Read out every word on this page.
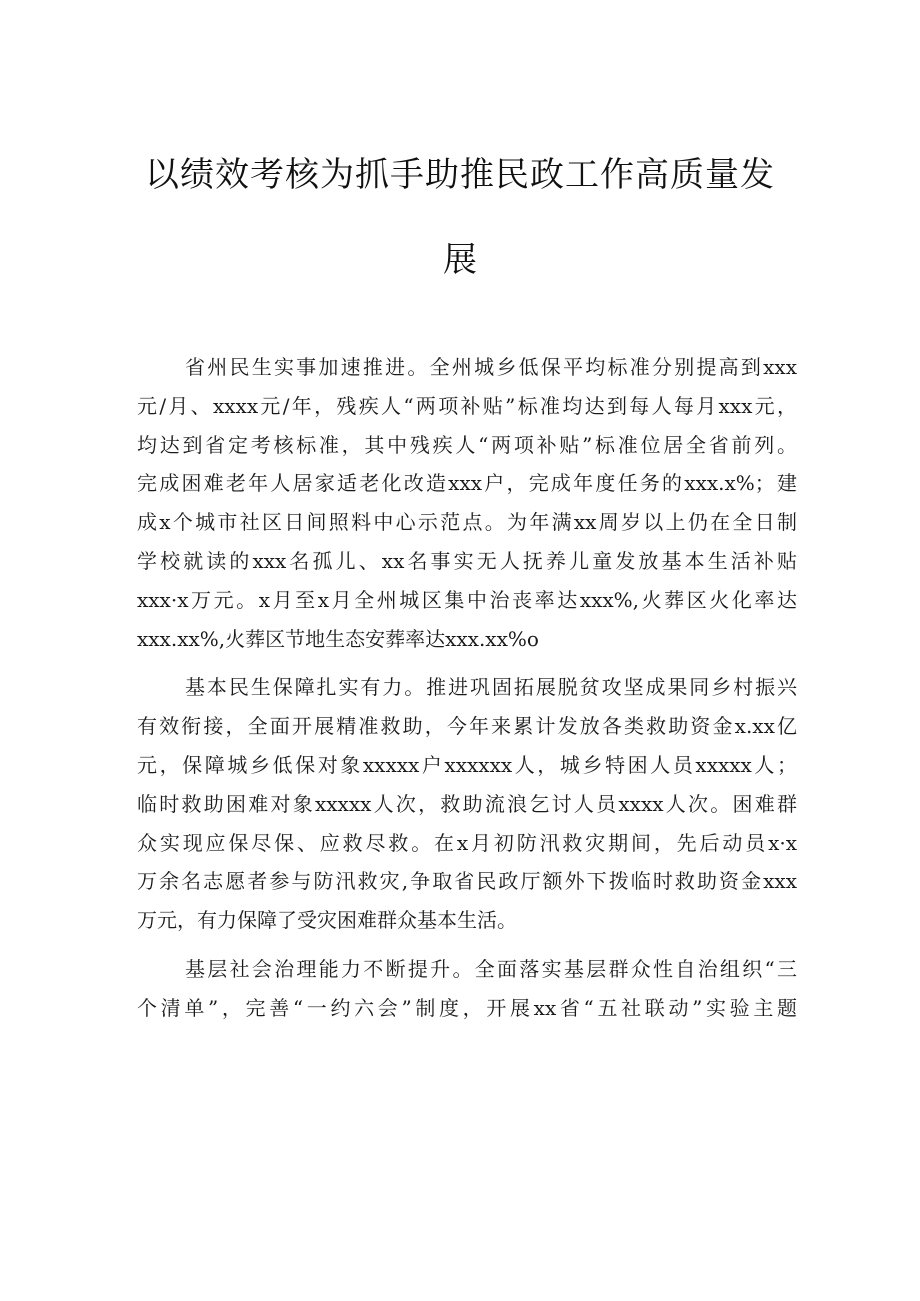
以绩效考核为抓手助推民政工作高质量发
展
省州民生实事加速推进。全州城乡低保平均标准分别提高到xxx
元/月、xxxx元/年，残疾人“两项补贴”标准均达到每人每月xxx元，
均达到省定考核标准，其中残疾人“两项补贴”标准位居全省前列。
完成困难老年人居家适老化改造xxx户，完成年度任务的xxx.x%；建
成x个城市社区日间照料中心示范点。为年满xx周岁以上仍在全日制
学校就读的xxx名孤儿、xx名事实无人抚养儿童发放基本生活补贴
xxx·x万元。x月至x月全州城区集中治丧率达xxx%,火葬区火化率达
xxx.xx%,火葬区节地生态安葬率达xxx.xx%o
基本民生保障扎实有力。推进巩固拓展脱贫攻坚成果同乡村振兴
有效衔接，全面开展精准救助，今年来累计发放各类救助资金x.xx亿
元，保障城乡低保对象xxxxx户xxxxxx人，城乡特困人员xxxxx人；
临时救助困难对象xxxxx人次，救助流浪乞讨人员xxxx人次。困难群
众实现应保尽保、应救尽救。在x月初防汛救灾期间，先后动员x·x
万余名志愿者参与防汛救灾,争取省民政厅额外下拨临时救助资金xxx
万元，有力保障了受灾困难群众基本生活。
基层社会治理能力不断提升。全面落实基层群众性自治组织“三
个清单”，完善“一约六会”制度，开展xx省“五社联动”实验主题
